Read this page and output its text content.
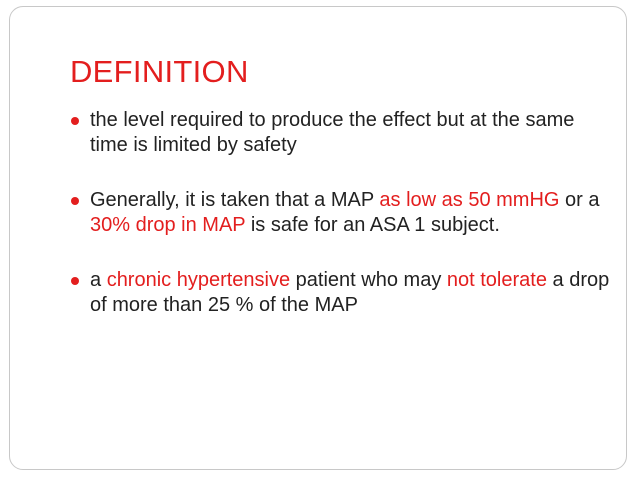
DEFINITION
the level required to produce the effect but at the same time is limited by safety
Generally, it is taken that a MAP as low as 50 mmHG or a 30% drop in MAP is safe for an ASA 1 subject.
a chronic hypertensive patient who may not tolerate a drop of more than 25 % of the MAP
